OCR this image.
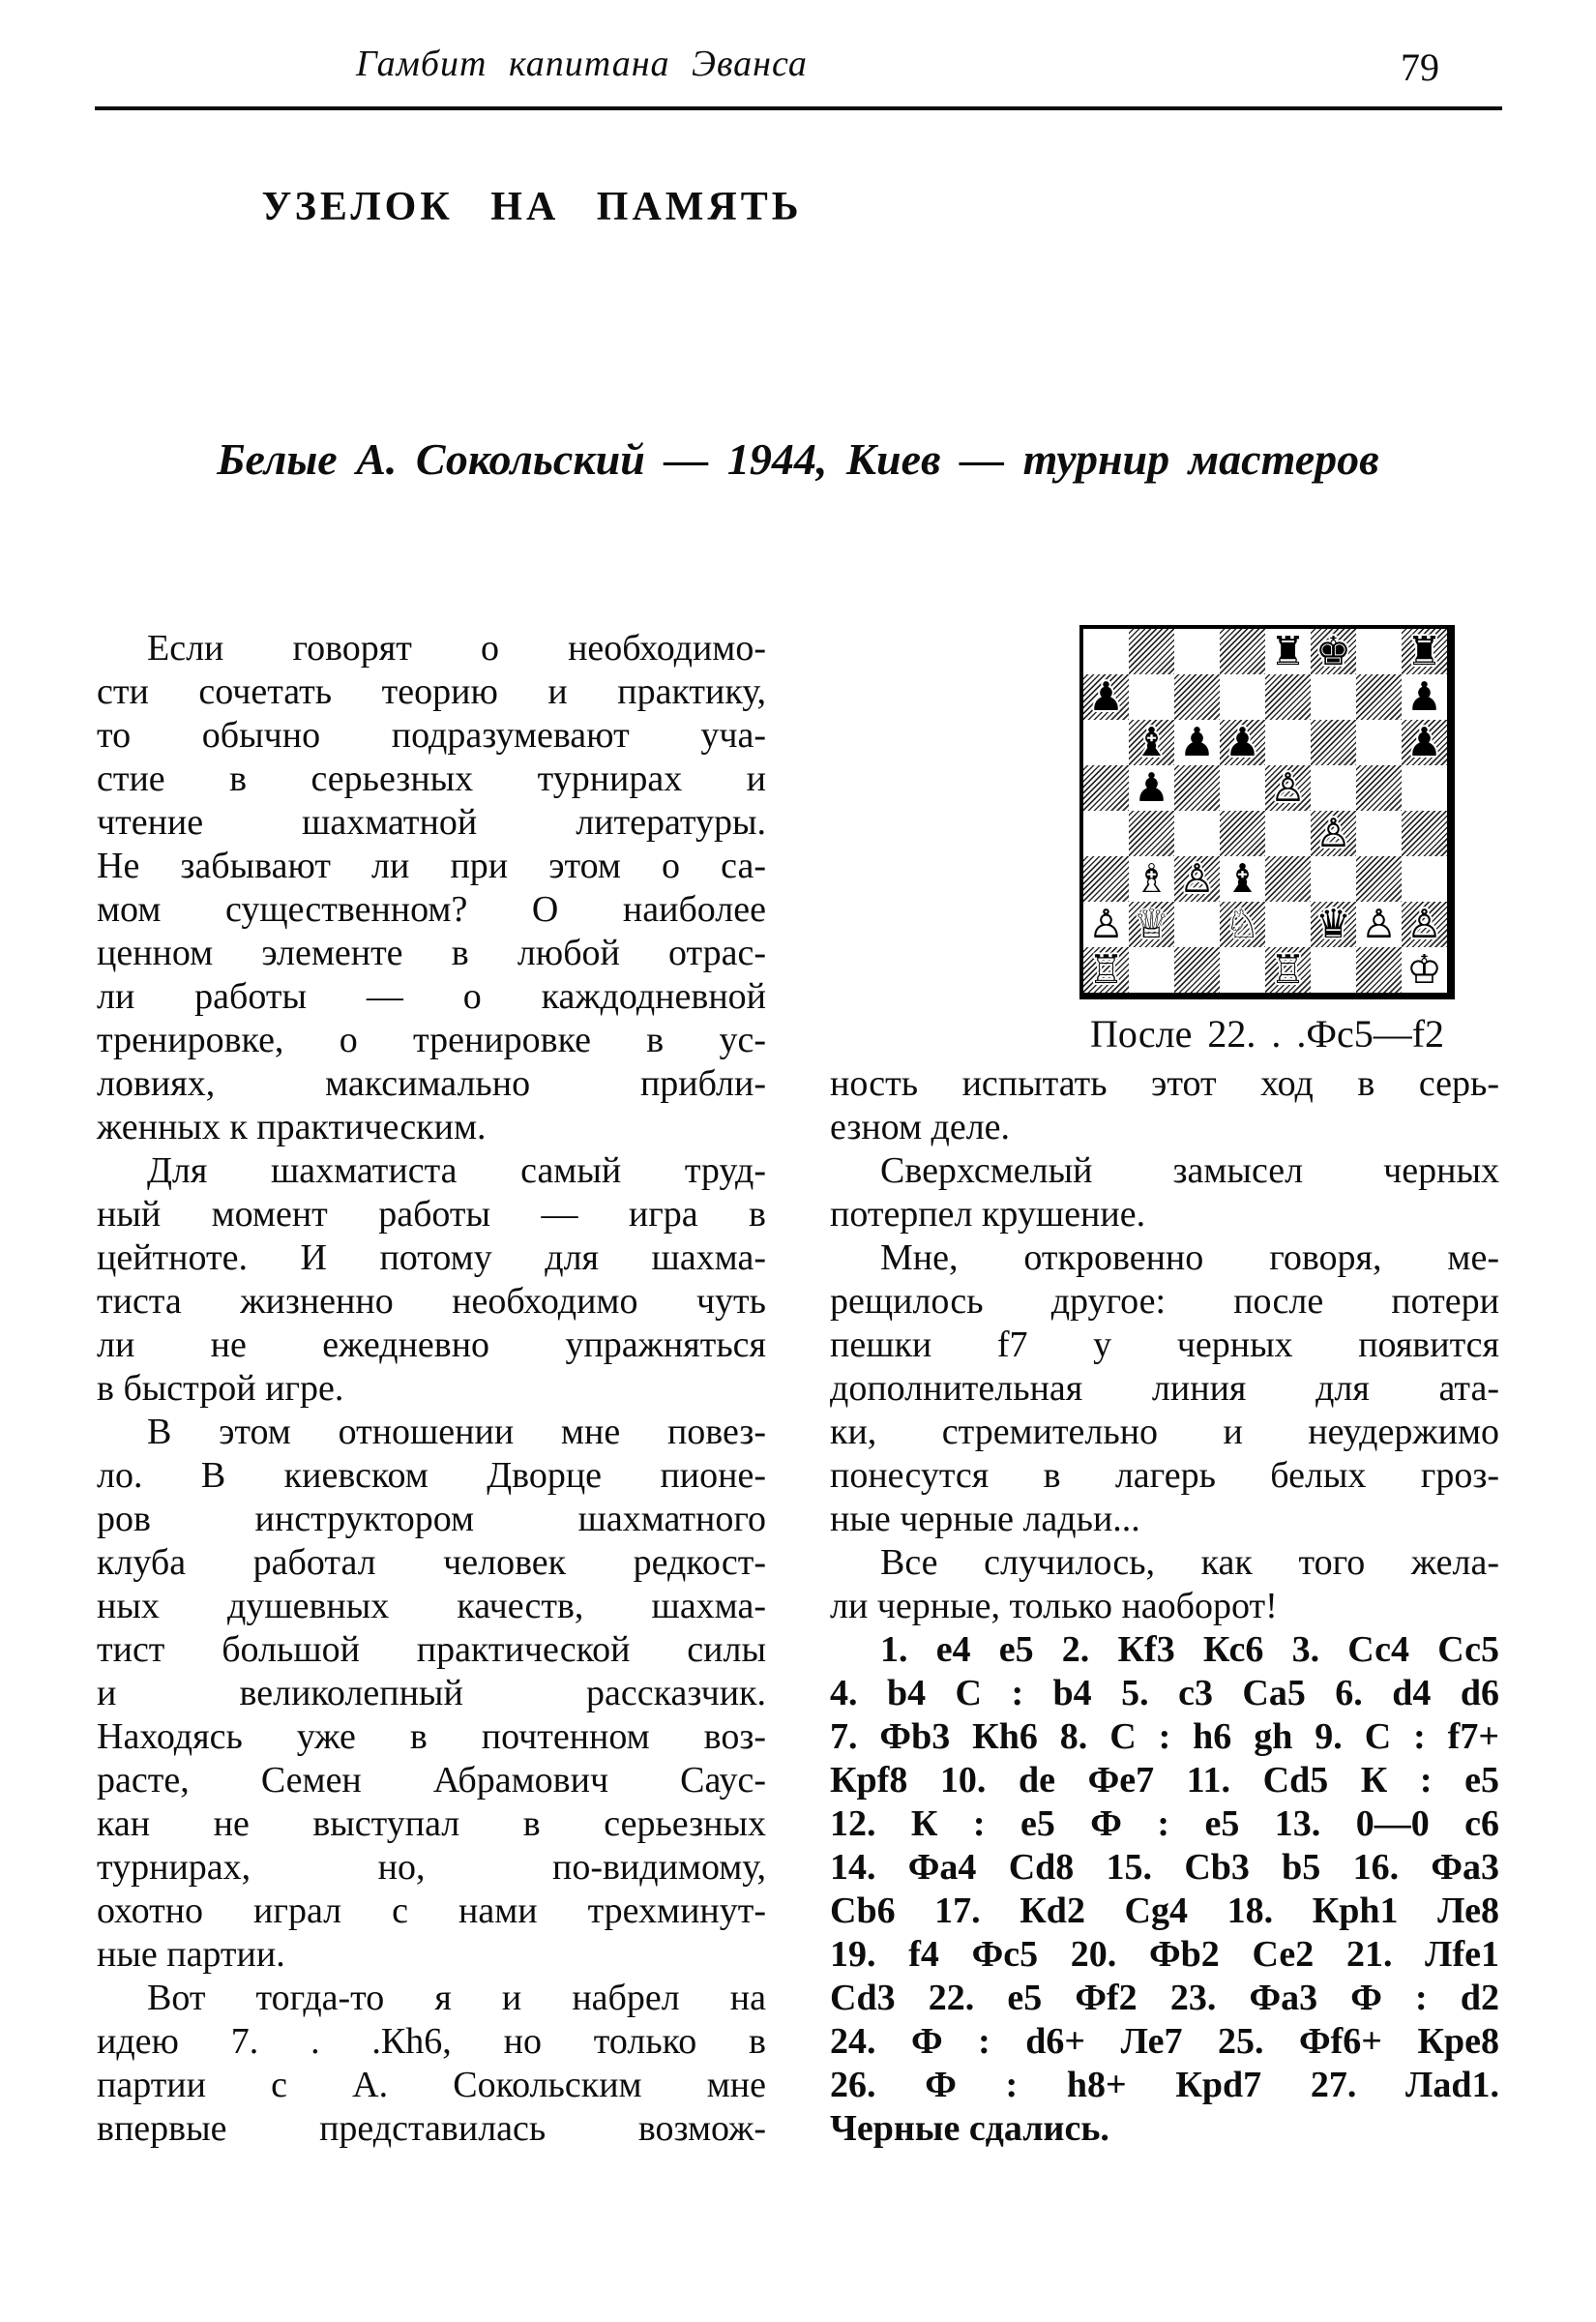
Гамбит капитана Эванса	79
УЗЕЛОК НА ПАМЯТЬ
Белые А. Сокольский — 1944, Киев — турнир мастеров
Если говорят о необходимо-
сти сочетать теорию и практику,
то обычно подразумевают уча-
стие в серьезных турнирах и
чтение шахматной литературы.
Не забывают ли при этом о са-
мом существенном? О наиболее
ценном элементе в любой отрас-
ли работы — о каждодневной
тренировке, о тренировке в ус-
ловиях, максимально прибли-
женных к практическим.
Для шахматиста самый труд-
ный момент работы — игра в
цейтноте. И потому для шахма-
тиста жизненно необходимо чуть
ли не ежедневно упражняться
в быстрой игре.
В этом отношении мне повез-
ло. В киевском Дворце пионе-
ров инструктором шахматного
клуба работал человек редкост-
ных душевных качеств, шахма-
тист большой практической силы
и великолепный рассказчик.
Находясь уже в почтенном воз-
расте, Семен Абрамович Саус-
кан не выступал в серьезных
турнирах, но, по-видимому,
охотно играл с нами трехминут-
ные партии.
Вот тогда-то я и набрел на
идею 7. . .Кh6, но только в
партии с А. Сокольским мне
впервые представилась возмож-
♜ ♚ ♜
♟	♟
♝ ♟ ♟	♟
♟	♙
♙
♗ ♙ ♝
♙ ♕ ♘ ♛ ♙ ♙
♖	♖	♔
После 22. . .Фс5—f2
ность испытать этот ход в серь-
езном деле.
Сверхсмелый замысел черных
потерпел крушение.
Мне, откровенно говоря, ме-
рещилось другое: после потери
пешки f7 у черных появится
дополнительная линия для ата-
ки, стремительно и неудержимо
понесутся в лагерь белых гроз-
ные черные ладьи...
Все случилось, как того жела-
ли черные, только наоборот!
1. е4 е5 2. Кf3 Кс6 3. Сс4 Сс5
4. b4 С : b4 5. с3 Са5 6. d4 d6
7. Фb3 Кh6 8. С : h6 gh 9. С : f7+
Крf8 10. de Фе7 11. Сd5 К : е5
12. К : е5 Ф : е5 13. 0—0 с6
14. Фа4 Сd8 15. Сb3 b5 16. Фа3
Сb6 17. Кd2 Сg4 18. Крh1 Ле8
19. f4 Фс5 20. Фb2 Се2 21. Лfе1
Сd3 22. е5 Фf2 23. Фа3 Ф : d2
24. Ф : d6+ Ле7 25. Фf6+ Кре8
26. Ф : h8+ Крd7 27. Лаd1.
Черные сдались.
